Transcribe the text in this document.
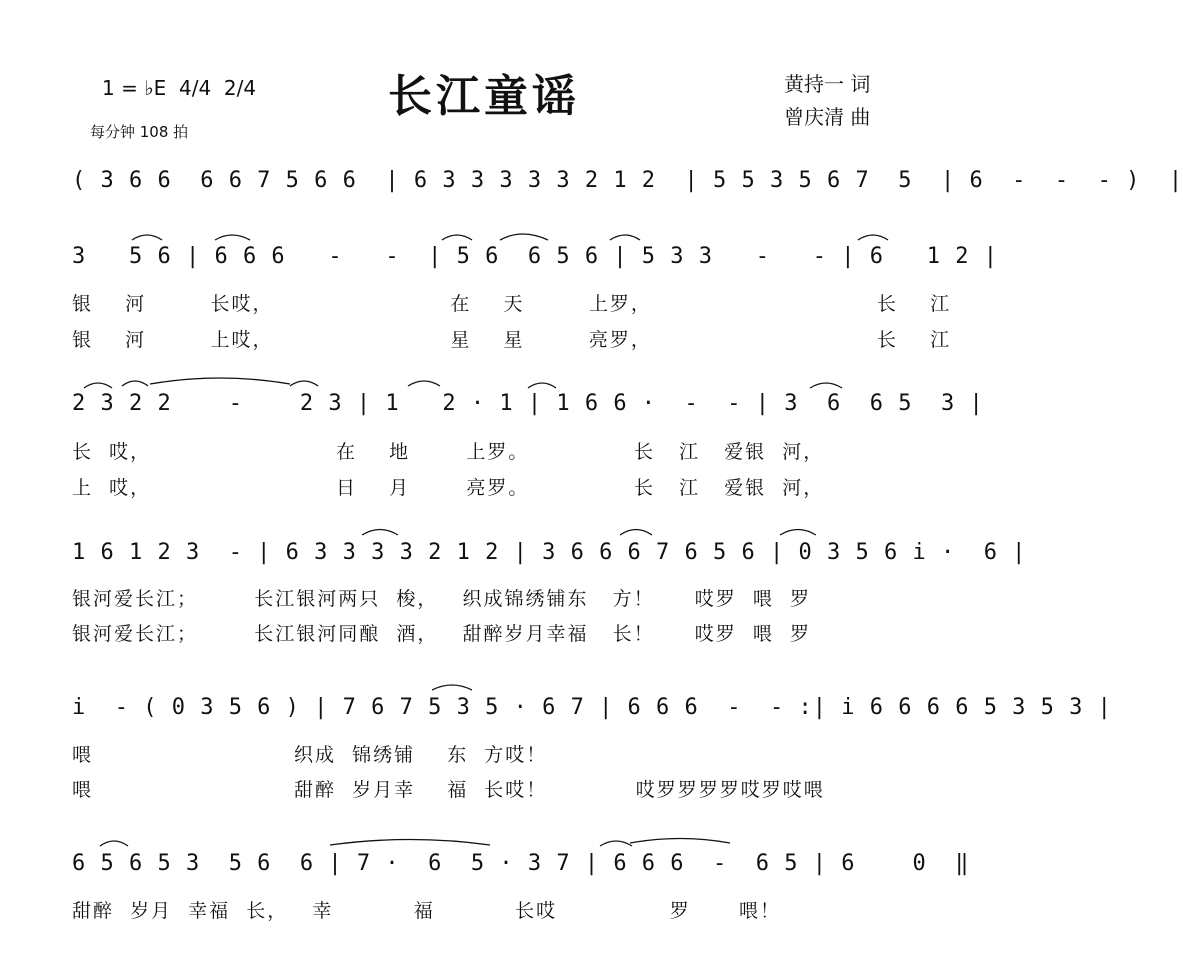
1 = ♭E  4/4  2/4
每分钟 108 拍
长江童谣	黄持一 词
曾庆清 曲
( 3 6 6  6 6 7 5 6 6  | 6 3 3 3 3 3 2 1 2  | 5 5 3 5 6 7  5  | 6  -  -  - )  |
3   5 6 | 6 6 6   -   -  | 5 6  6 5 6 | 5 3 3   -   - | 6   1 2 |
银    河        长哎，                      在    天        上罗，                            长    江
银    河        上哎，                      星    星        亮罗，                            长    江
2 3 2 2    -    2 3 | 1   2 · 1 | 1 6 6 ·  -  - | 3  6  6 5  3 |
长  哎，                       在    地       上罗。             长   江   爱银  河，
上  哎，                       日    月       亮罗。             长   江   爱银  河，
1 6 1 2 3  - | 6 3 3 3 3 2 1 2 | 3 6 6 6 7 6 5 6 | 0 3 5 6 i ·  6 |
银河爱长江；       长江银河两只  梭，   织成锦绣铺东   方！     哎罗  喂  罗
银河爱长江；       长江银河同酿  酒，   甜醉岁月幸福   长！     哎罗  喂  罗
i  - ( 0 3 5 6 ) | 7 6 7 5 3 5 · 6 7 | 6 6 6  -  - :| i 6 6 6 6 5 3 5 3 |
喂                         织成  锦绣铺    东  方哎！
喂                         甜醉  岁月幸    福  长哎！           哎罗罗罗罗哎罗哎喂
6 5 6 5 3  5 6  6 | 7 ·  6  5 · 3 7 | 6 6 6  -  6 5 | 6    0  ‖
甜醉  岁月  幸福  长，   幸          福          长哎              罗      喂！
